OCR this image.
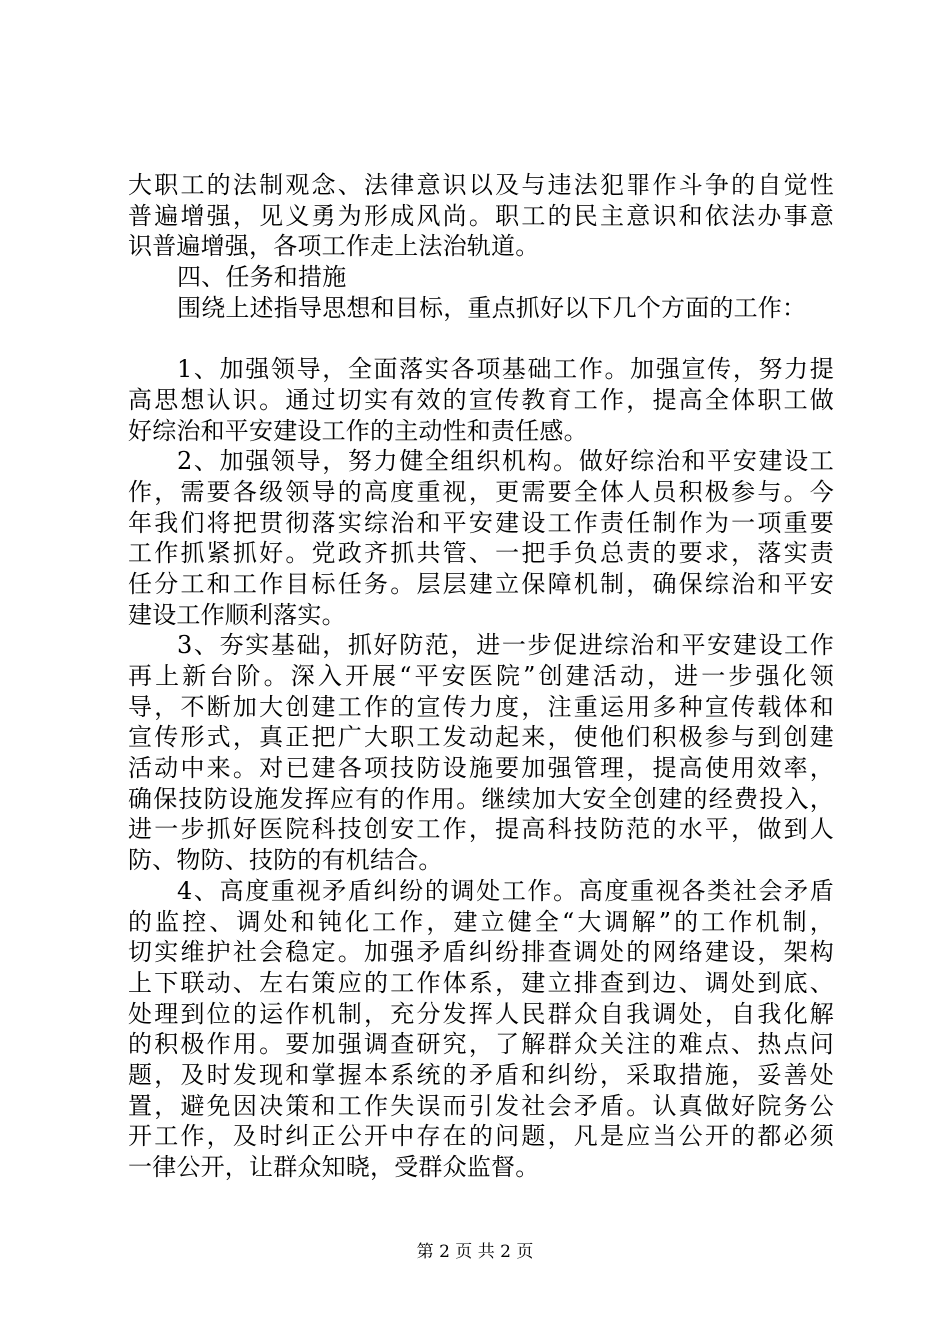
大职工的法制观念、法律意识以及与违法犯罪作斗争的自觉性
普遍增强，见义勇为形成风尚。职工的民主意识和依法办事意
识普遍增强，各项工作走上法治轨道。
四、任务和措施
围绕上述指导思想和目标，重点抓好以下几个方面的工作：
1、加强领导，全面落实各项基础工作。加强宣传，努力提
高思想认识。通过切实有效的宣传教育工作，提高全体职工做
好综治和平安建设工作的主动性和责任感。
2、加强领导，努力健全组织机构。做好综治和平安建设工
作，需要各级领导的高度重视，更需要全体人员积极参与。今
年我们将把贯彻落实综治和平安建设工作责任制作为一项重要
工作抓紧抓好。党政齐抓共管、一把手负总责的要求，落实责
任分工和工作目标任务。层层建立保障机制，确保综治和平安
建设工作顺利落实。
3、夯实基础，抓好防范，进一步促进综治和平安建设工作
再上新台阶。深入开展“平安医院”创建活动，进一步强化领
导，不断加大创建工作的宣传力度，注重运用多种宣传载体和
宣传形式，真正把广大职工发动起来，使他们积极参与到创建
活动中来。对已建各项技防设施要加强管理，提高使用效率，
确保技防设施发挥应有的作用。继续加大安全创建的经费投入，
进一步抓好医院科技创安工作，提高科技防范的水平，做到人
防、物防、技防的有机结合。
4、高度重视矛盾纠纷的调处工作。高度重视各类社会矛盾
的监控、调处和钝化工作，建立健全“大调解”的工作机制，
切实维护社会稳定。加强矛盾纠纷排查调处的网络建设，架构
上下联动、左右策应的工作体系，建立排查到边、调处到底、
处理到位的运作机制，充分发挥人民群众自我调处，自我化解
的积极作用。要加强调查研究，了解群众关注的难点、热点问
题，及时发现和掌握本系统的矛盾和纠纷，采取措施，妥善处
置，避免因决策和工作失误而引发社会矛盾。认真做好院务公
开工作，及时纠正公开中存在的问题，凡是应当公开的都必须
一律公开，让群众知晓，受群众监督。
第 2 页 共 2 页
